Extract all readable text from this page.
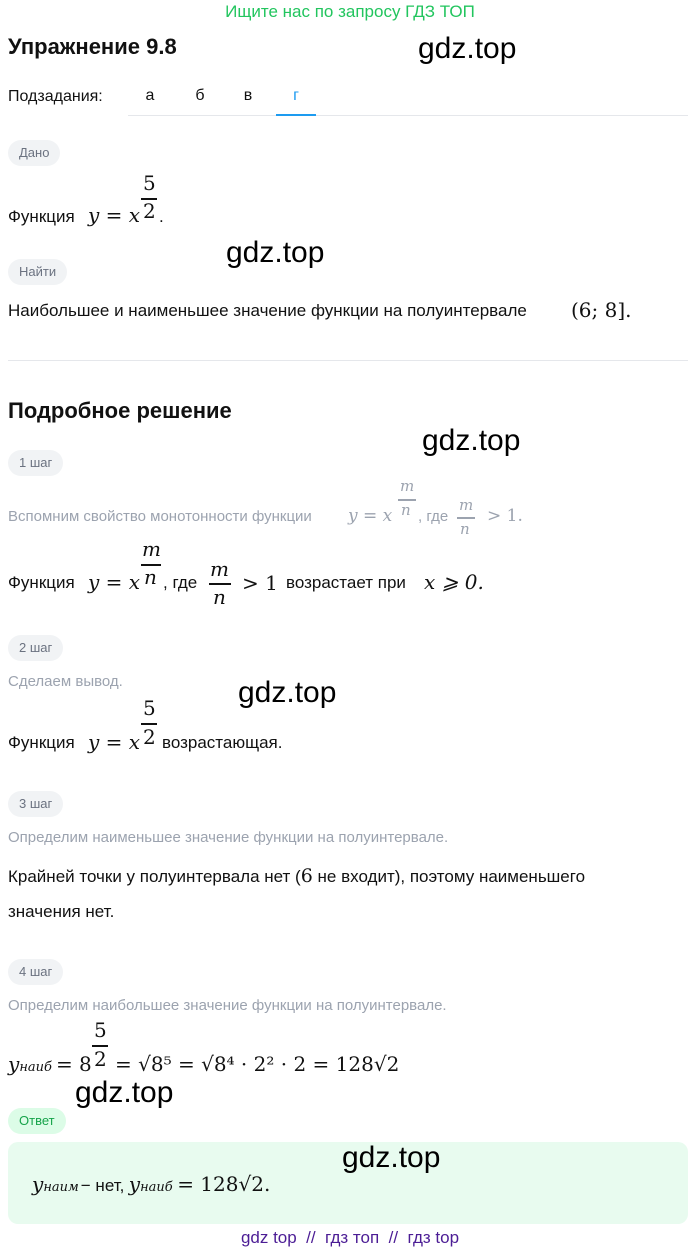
Ищите нас по запросу ГДЗ ТОП
Упражнение 9.8	gdz.top
Подзадания:	а	б	в	г
Дано
Функция y = x
5
2 .
gdz.top
Найти
Наибольшее и наименьшее значение функции на полуинтервале (6; 8].
Подробное решение
gdz.top
1 шаг
Вспомним свойство монотонности функции y = x
m
n , где
m
n
> 1.
Функция y = x
m
n , где
m
n
> 1 возрастает при x ⩾ 0.
2 шаг
Сделаем вывод.	gdz.top
Функция y = x
5
2 возрастающая.
3 шаг
Определим наименьшее значение функции на полуинтервале.
Крайней точки у полуинтервала нет (6 не входит), поэтому наименьшего
значения нет.
4 шаг
Определим наибольшее значение функции на полуинтервале.
yнаиб = 8
5
2 = √8⁵ = √8⁴ · 2² · 2 = 128√2
gdz.top
Ответ
gdz.top
yнаим − нет, yнаиб = 128√2.
gdz top  //  гдз топ  //  гдз top
